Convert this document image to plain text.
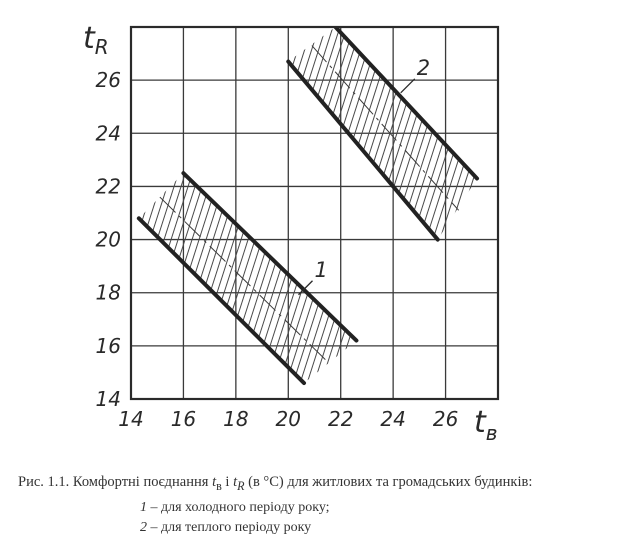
14 16 18 20 22 24 26
14
16
18
20
22
24
26
1
2
$t_R$
$t_в$
Рис. 1.1. Комфортні поєднання $t_в$ і $t_R$ (в °С) для житлових та громадських будинків:
1 – для холодного періоду року;
2 – для теплого періоду року
